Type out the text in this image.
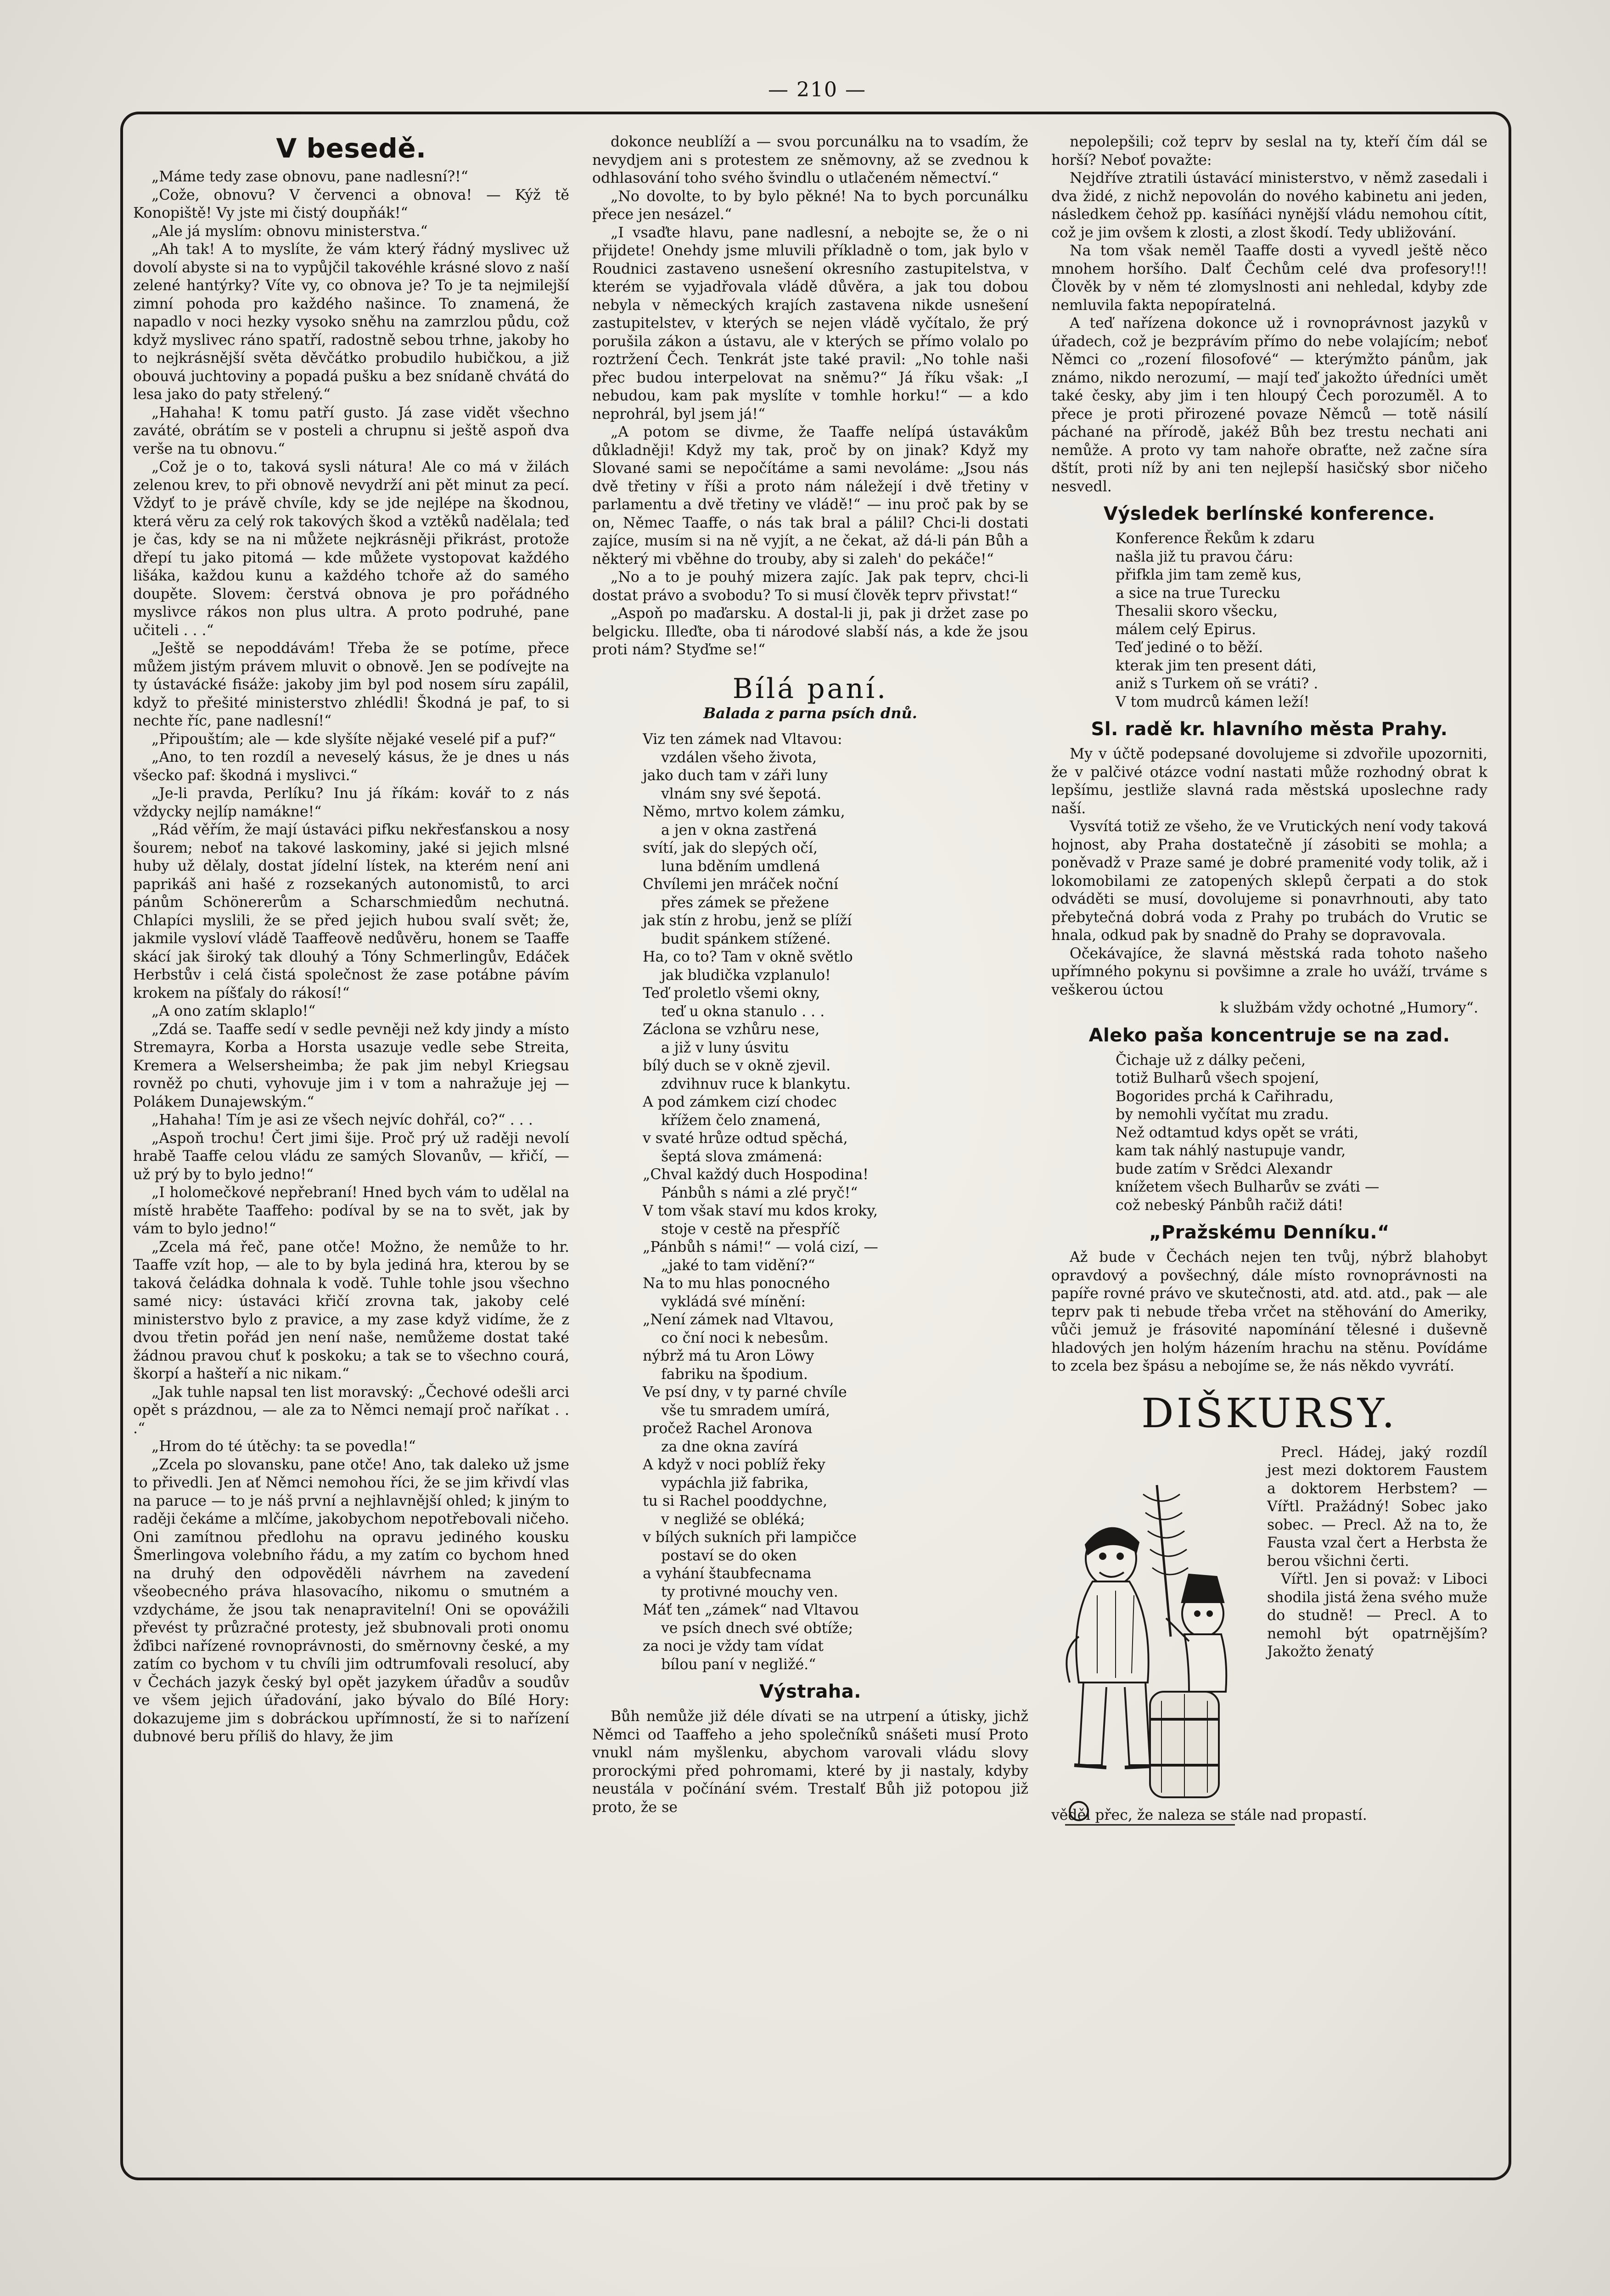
— 210 —
V besedě.

„Máme tedy zase obnovu, pane nadlesní?!“

„Cože, obnovu? V červenci a obnova! — Kýž tě Konopiště! Vy jste mi čistý doupňák!“

„Ale já myslím: obnovu ministerstva.“

„Ah tak! A to myslíte, že vám který řádný myslivec už dovolí abyste si na to vypůjčil takovéhle krásné slovo z naší zelené hantýrky? Víte vy, co obnova je? To je ta nejmilejší zimní pohoda pro každého našince. To znamená, že napadlo v noci hezky vysoko sněhu na zamrzlou půdu, což když myslivec ráno spatří, radostně sebou trhne, jakoby ho to nejkrásnější světa děvčátko probudilo hubičkou, a již obouvá juchtoviny a popadá pušku a bez snídaně chvátá do lesa jako do paty střelený.“

„Hahaha! K tomu patří gusto. Já zase vidět všechno zaváté, obrátím se v posteli a chrupnu si ještě aspoň dva verše na tu obnovu.“

„Což je o to, taková sysli nátura! Ale co má v žilách zelenou krev, to při obnově nevydrží ani pět minut za pecí. Vždyť to je právě chvíle, kdy se jde nejlépe na škodnou, která věru za celý rok takových škod a vztěků nadělala; teď je čas, kdy se na ni můžete nejkrásněji přikrást, protože dřepí tu jako pitomá — kde můžete vystopovat každého lišáka, každou kunu a každého tchoře až do samého doupěte. Slovem: čerstvá obnova je pro pořádného myslivce rákos non plus ultra. A proto podruhé, pane učiteli . . .“

„Ještě se nepoddávám! Třeba že se potíme, přece můžem jistým právem mluvit o obnově. Jen se podívejte na ty ústavácké fisáže: jakoby jim byl pod nosem síru zapálil, když to přešité ministerstvo zhlédli! Škodná je paf, to si nechte říc, pane nadlesní!“

„Připouštím; ale — kde slyšíte nějaké veselé pif a puf?“

„Ano, to ten rozdíl a neveselý kásus, že je dnes u nás všecko paf: škodná i myslivci.“

„Je-li pravda, Perlíku? Inu já říkám: kovář to z nás vždycky nejlíp namákne!“

„Rád věřím, že mají ústaváci pifku nekřesťanskou a nosy šourem; neboť na takové laskominy, jaké si jejich mlsné huby už dělaly, dostat jídelní lístek, na kterém není ani paprikáš ani hašé z rozsekaných autonomistů, to arci pánům Schönererům a Scharschmiedům nechutná. Chlapíci myslili, že se před jejich hubou svalí svět; že, jakmile vysloví vládě Taaffeově nedůvěru, honem se Taaffe skácí jak široký tak dlouhý a Tóny Schmerlingův, Edáček Herbstův i celá čistá společnost že zase potábne pávím krokem na píšťaly do rákosí!“

„A ono zatím sklaplo!“

„Zdá se. Taaffe sedí v sedle pevněji než kdy jindy a místo Stremayra, Korba a Horsta usazuje vedle sebe Streita, Kremera a Welsersheimba; že pak jim nebyl Kriegsau rovněž po chuti, vyhovuje jim i v tom a nahražuje jej — Polákem Dunajewským.“

„Hahaha! Tím je asi ze všech nejvíc dohřál, co?“ . . .

„Aspoň trochu! Čert jimi šije. Proč prý už raději nevolí hrabě Taaffe celou vládu ze samých Slovanův, — křičí, — už prý by to bylo jedno!“

„I holomečkové nepřebraní! Hned bych vám to udělal na místě hraběte Taaffeho: podíval by se na to svět, jak by vám to bylo jedno!“

„Zcela má řeč, pane otče! Možno, že nemůže to hr. Taaffe vzít hop, — ale to by byla jediná hra, kterou by se taková čeládka dohnala k vodě. Tuhle tohle jsou všechno samé nicy: ústaváci křičí zrovna tak, jakoby celé ministerstvo bylo z pravice, a my zase když vidíme, že z dvou třetin pořád jen není naše, nemůžeme dostat také žádnou pravou chuť k poskoku; a tak se to všechno courá, škorpí a hašteří a nic nikam.“

„Jak tuhle napsal ten list moravský: „Čechové odešli arci opět s prázdnou, — ale za to Němci nemají proč naříkat . . .“

„Hrom do té útěchy: ta se povedla!“

„Zcela po slovansku, pane otče! Ano, tak daleko už jsme to přivedli. Jen ať Němci nemohou říci, že se jim křivdí vlas na paruce — to je náš první a nejhlavnější ohled; k jiným to raději čekáme a mlčíme, jakobychom nepotřebovali ničeho. Oni zamítnou předlohu na opravu jediného kousku Šmerlingova volebního řádu, a my zatím co bychom hned na druhý den odpověděli návrhem na zavedení všeobecného práva hlasovacího, nikomu o smutném a vzdycháme, že jsou tak nenapravitelní! Oni se opovážili převést ty průzračné protesty, jež sbubnovali proti onomu žďibci nařízené rovnoprávnosti, do směrnovny české, a my zatím co bychom v tu chvíli jim odtrumfovali resolucí, aby v Čechách jazyk český byl opět jazykem úřadův a soudův ve všem jejich úřadování, jako bývalo do Bílé Hory: dokazujeme jim s dobráckou upřímností, že si to nařízení dubnové beru příliš do hlavy, že jim

dokonce neublíží a — svou porcunálku na to vsadím, že nevydjem ani s protestem ze sněmovny, až se zvednou k odhlasování toho svého švindlu o utlačeném němectví.“

„No dovolte, to by bylo pěkné! Na to bych porcunálku přece jen nesázel.“

„I vsaďte hlavu, pane nadlesní, a nebojte se, že o ni přijdete! Onehdy jsme mluvili příkladně o tom, jak bylo v Roudnici zastaveno usnešení okresního zastupitelstva, v kterém se vyjadřovala vládě důvěra, a jak tou dobou nebyla v německých krajích zastavena nikde usnešení zastupitelstev, v kterých se nejen vládě vyčítalo, že prý porušila zákon a ústavu, ale v kterých se přímo volalo po roztržení Čech. Tenkrát jste také pravil: „No tohle naši přec budou interpelovat na sněmu?“ Já říku však: „I nebudou, kam pak myslíte v tomhle horku!“ — a kdo neprohrál, byl jsem já!“

„A potom se divme, že Taaffe nelípá ústavákům důkladněji! Když my tak, proč by on jinak? Když my Slované sami se nepočítáme a sami nevoláme: „Jsou nás dvě třetiny v říši a proto nám náležejí i dvě třetiny v parlamentu a dvě třetiny ve vládě!“ — inu proč pak by se on, Němec Taaffe, o nás tak bral a pálil? Chci-li dostati zajíce, musím si na ně vyjít, a ne čekat, až dá-li pán Bůh a některý mi vběhne do trouby, aby si zaleh' do pekáče!“

„No a to je pouhý mizera zajíc. Jak pak teprv, chci-li dostat právo a svobodu? To si musí člověk teprv přivstat!“

„Aspoň po maďarsku. A dostal-li ji, pak ji držet zase po belgicku. Illeďte, oba ti národové slabší nás, a kde že jsou proti nám? Styďme se!“

Bílá paní.
Balada z parna psích dnů.
Viz ten zámek nad Vltavou:
vzdálen všeho života,
jako duch tam v záři luny
vlnám sny své šepotá.
Němo, mrtvo kolem zámku,
a jen v okna zastřená
svítí, jak do slepých očí,
luna bděním umdlená
Chvílemi jen mráček noční
přes zámek se přežene
jak stín z hrobu, jenž se plíží
budit spánkem stížené.
Ha, co to? Tam v okně světlo
jak bludička vzplanulo!
Teď proletlo všemi okny,
teď u okna stanulo . . .
Záclona se vzhůru nese,
a již v luny úsvitu
bílý duch se v okně zjevil.
zdvihnuv ruce k blankytu.
A pod zámkem cizí chodec
křížem čelo znamená,
v svaté hrůze odtud spěchá,
šeptá slova zmámená:
„Chval každý duch Hospodina!
Pánbůh s námi a zlé pryč!“
V tom však staví mu kdos kroky,
stoje v cestě na přespříč
„Pánbůh s námi!“ — volá cizí, —
„jaké to tam vidění?“
Na to mu hlas ponocného
vykládá své mínění:
„Není zámek nad Vltavou,
co ční noci k nebesům.
nýbrž má tu Aron Löwy
fabriku na špodium.
Ve psí dny, v ty parné chvíle
vše tu smradem umírá,
pročež Rachel Aronova
za dne okna zavírá
A když v noci poblíž řeky
vypáchla již fabrika,
tu si Rachel pooddychne,
v negližé se obléká;
v bílých sukních při lampičce
postaví se do oken
a vyhání štaubfecnama
ty protivné mouchy ven.
Máť ten „zámek“ nad Vltavou
ve psích dnech své obtíže;
za noci je vždy tam vídat
bílou paní v negližé.“
Výstraha.

Bůh nemůže již déle dívati se na utrpení a útisky, jichž Němci od Taaffeho a jeho společníků snášeti musí Proto vnukl nám myšlenku, abychom varovali vládu slovy prorockými před pohromami, které by ji nastaly, kdyby neustála v počínání svém. Trestalť Bůh již potopou již proto, že se

nepolepšili; což teprv by seslal na ty, kteří čím dál se horší? Neboť považte:

Nejdříve ztratili ústavácí ministerstvo, v němž zasedali i dva židé, z nichž nepovolán do nového kabinetu ani jeden, následkem čehož pp. kasíňáci nynější vládu nemohou cítit, což je jim ovšem k zlosti, a zlost škodí. Tedy ubližování.

Na tom však neměl Taaffe dosti a vyvedl ještě něco mnohem horšího. Dalť Čechům celé dva profesory!!! Člověk by v něm té zlomyslnosti ani nehledal, kdyby zde nemluvila fakta nepopíratelná.

A teď nařízena dokonce už i rovnoprávnost jazyků v úřadech, což je bezprávím přímo do nebe volajícím; neboť Němci co „rození filosofové“ — kterýmžto pánům, jak známo, nikdo nerozumí, — mají teď jakožto úředníci umět také česky, aby jim i ten hloupý Čech porozuměl. A to přece je proti přirozené povaze Němců — totě násilí páchané na přírodě, jakéž Bůh bez trestu nechati ani nemůže. A proto vy tam nahoře obraťte, než začne síra dštít, proti níž by ani ten nejlepší hasičský sbor ničeho nesvedl.

Výsledek berlínské konference.
Konference Řekům k zdaru
našla již tu pravou čáru:
přifkla jim tam země kus,
a sice na true Turecku
Thesalii skoro všecku,
málem celý Epirus.
Teď jediné o to běží.
kterak jim ten present dáti,
aniž s Turkem oň se vráti? .
V tom mudrců kámen leží!
Sl. radě kr. hlavního města Prahy.

My v účtě podepsané dovolujeme si zdvořile upozorniti, že v palčivé otázce vodní nastati může rozhodný obrat k lepšímu, jestliže slavná rada městská uposlechne rady naší.

Vysvítá totiž ze všeho, že ve Vrutických není vody taková hojnost, aby Praha dostatečně jí zásobiti se mohla; a poněvadž v Praze samé je dobré pramenité vody tolik, až i lokomobilami ze zatopených sklepů čerpati a do stok odváděti se musí, dovolujeme si ponavrhnouti, aby tato přebytečná dobrá voda z Prahy po trubách do Vrutic se hnala, odkud pak by snadně do Prahy se dopravovala.

Očekávajíce, že slavná městská rada tohoto našeho upřímného pokynu si povšimne a zrale ho uváží, trváme s veškerou úctou

k službám vždy ochotné „Humory“.

Aleko paša koncentruje se na zad.
Čichaje už z dálky pečeni,
totiž Bulharů všech spojení,
Bogorides prchá k Cařihradu,
by nemohli vyčítat mu zradu.
Než odtamtud kdys opět se vráti,
kam tak náhlý nastupuje vandr,
bude zatím v Srědci Alexandr
knížetem všech Bulharův se zváti —
což nebeský Pánbůh račiž dáti!
„Pražskému Denníku.“

Až bude v Čechách nejen ten tvůj, nýbrž blahobyt opravdový a povšechný, dále místo rovnoprávnosti na papíře rovné právo ve skutečnosti, atd. atd. atd., pak — ale teprv pak ti nebude třeba vrčet na stěhování do Ameriky, vůči jemuž je frásovité napomínání tělesné i duševně hladových jen holým házením hrachu na stěnu. Povídáme to zcela bez špásu a nebojíme se, že nás někdo vyvrátí.

DIŠKURSY.

Precl. Hádej, jaký rozdíl jest mezi doktorem Faustem a doktorem Herbstem? — Vířtl. Pražádný! Sobec jako sobec. — Precl. Až na to, že Fausta vzal čert a Herbsta že berou všichni čerti.

Vířtl. Jen si považ: v Liboci shodila jistá žena svého muže do studně! — Precl. A to nemohl být opatrnějším? Jakožto ženatý

věděl přec, že naleza se stále nad propastí.
